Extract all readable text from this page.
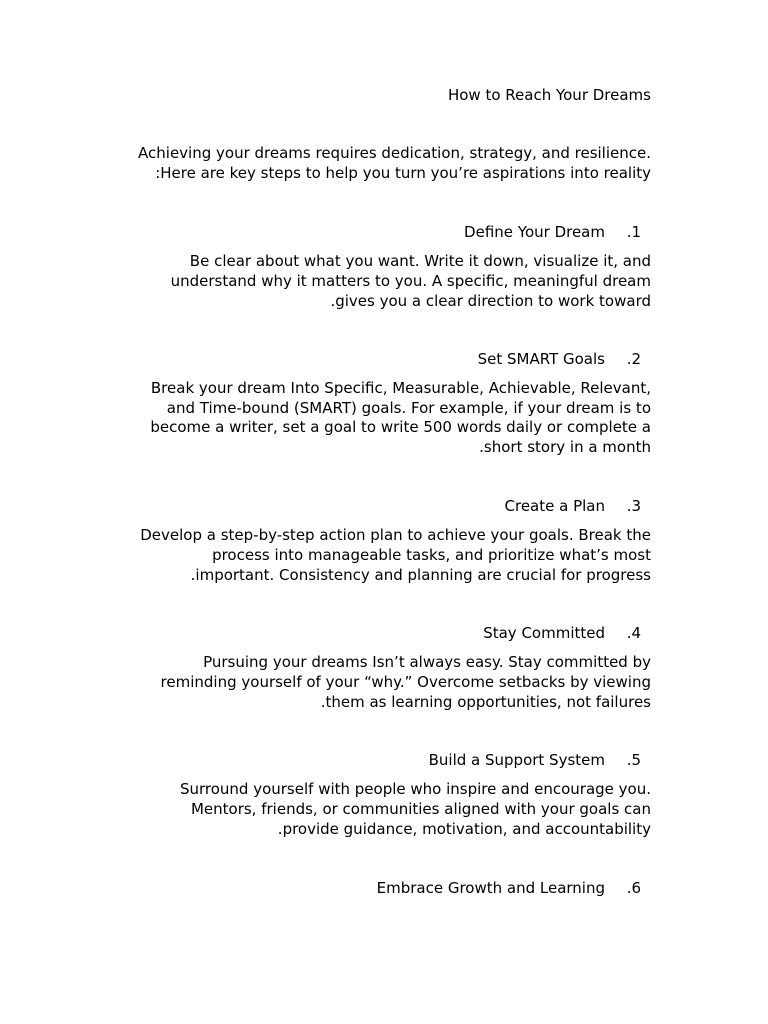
How to Reach Your Dreams
Achieving your dreams requires dedication, strategy, and resilience.
:Here are key steps to help you turn you’re aspirations into reality
Define Your Dream .1
Be clear about what you want. Write it down, visualize it, and
understand why it matters to you. A specific, meaningful dream
.gives you a clear direction to work toward
Set SMART Goals .2
Break your dream Into Specific, Measurable, Achievable, Relevant,
and Time-bound (SMART) goals. For example, if your dream is to
become a writer, set a goal to write 500 words daily or complete a
.short story in a month
Create a Plan .3
Develop a step-by-step action plan to achieve your goals. Break the
process into manageable tasks, and prioritize what’s most
.important. Consistency and planning are crucial for progress
Stay Committed .4
Pursuing your dreams Isn’t always easy. Stay committed by
reminding yourself of your “why.” Overcome setbacks by viewing
.them as learning opportunities, not failures
Build a Support System .5
Surround yourself with people who inspire and encourage you.
Mentors, friends, or communities aligned with your goals can
.provide guidance, motivation, and accountability
Embrace Growth and Learning .6
